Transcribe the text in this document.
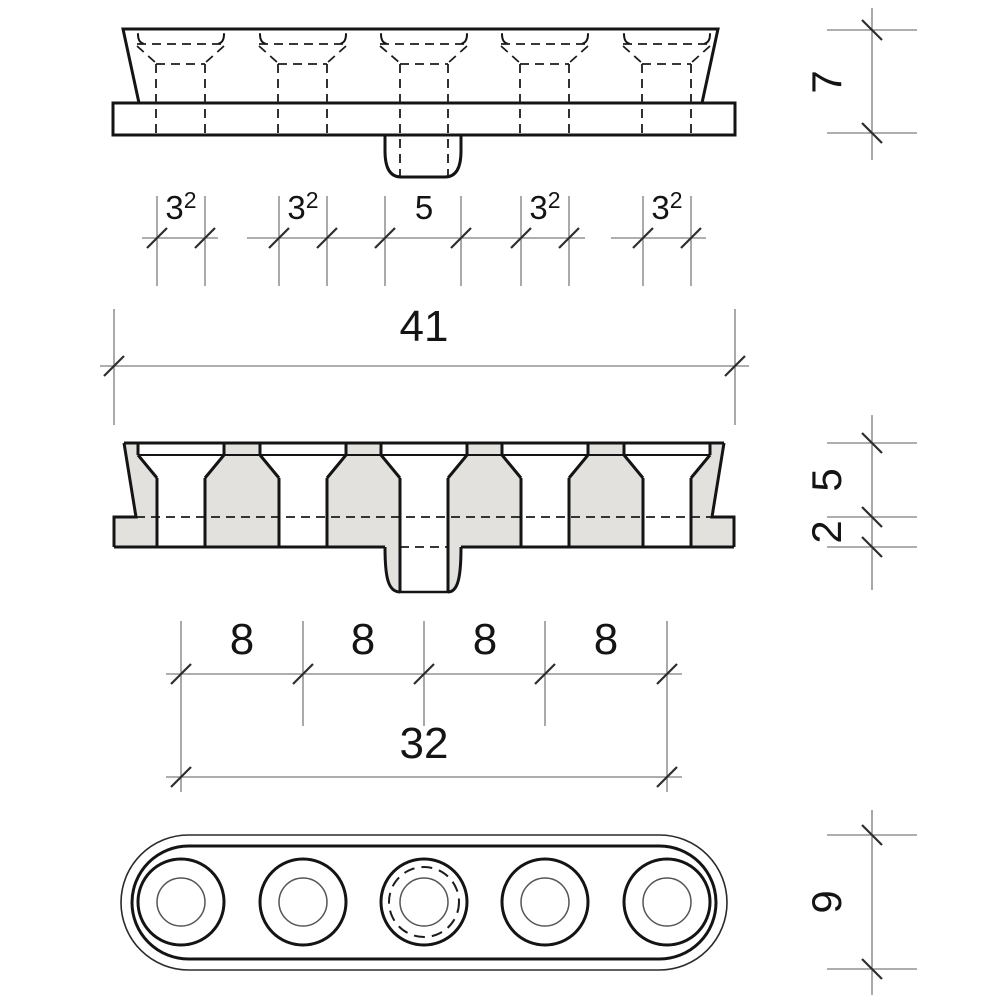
$3^2$	$3^2$	5	$3^2$	$3^2$
41
8 8 8 8
32
7
5
2
9
